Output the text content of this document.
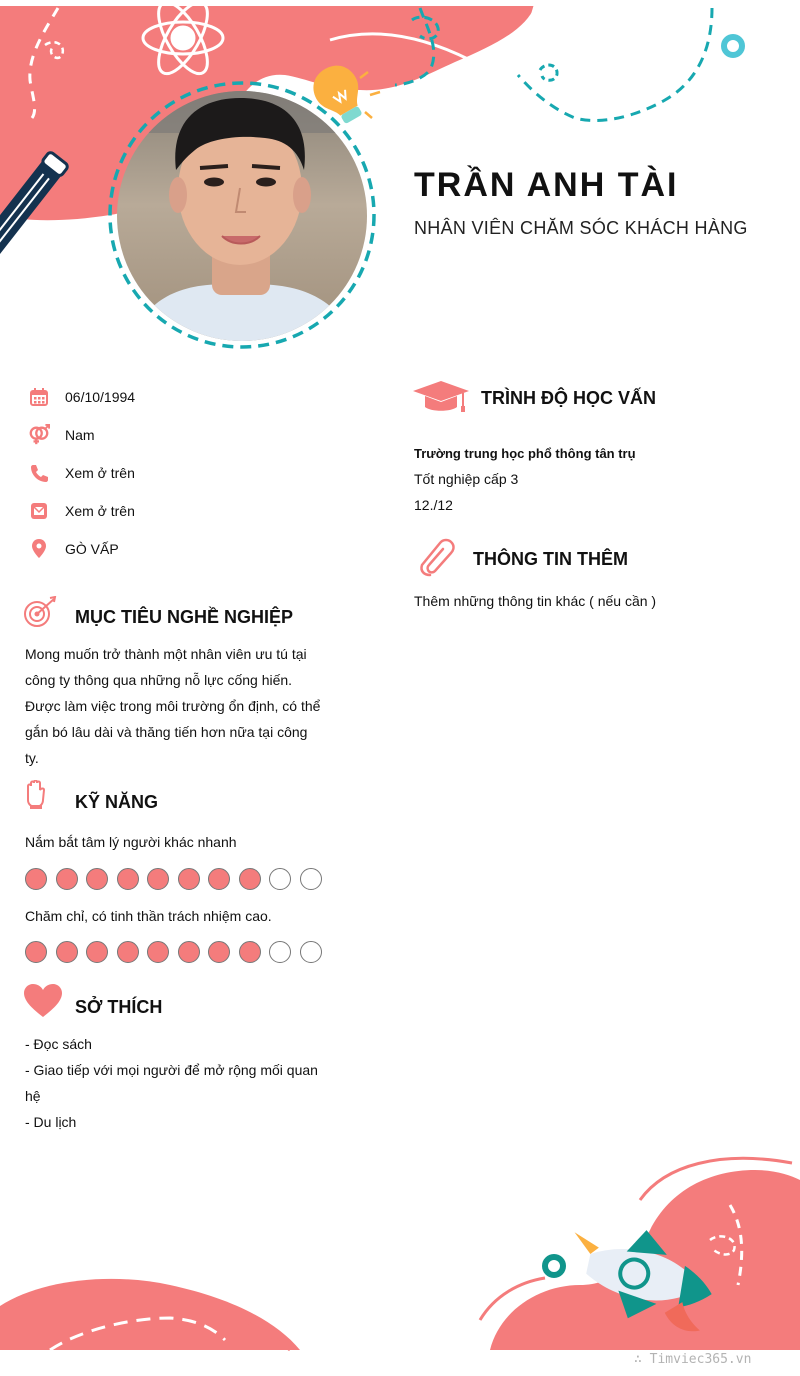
TRẦN ANH TÀI
NHÂN VIÊN CHĂM SÓC KHÁCH HÀNG
06/10/1994
Nam
Xem ở trên
Xem ở trên
GÒ VẤP
MỤC TIÊU NGHỀ NGHIỆP
Mong muốn trở thành một nhân viên ưu tú tại
công ty thông qua những nỗ lực cống hiến.
Được làm việc trong môi trường ổn định, có thể
gắn bó lâu dài và thăng tiến hơn nữa tại công
ty.
KỸ NĂNG
Nắm bắt tâm lý người khác nhanh
Chăm chỉ, có tinh thần trách nhiệm cao.
SỞ THÍCH
- Đọc sách
- Giao tiếp với mọi người để mở rộng mối quan
hệ
- Du lịch
TRÌNH ĐỘ HỌC VẤN
Trường trung học phổ thông tân trụ
Tốt nghiệp cấp 3
12./12
THÔNG TIN THÊM
Thêm những thông tin khác ( nếu cần )
∴ Timviec365.vn
